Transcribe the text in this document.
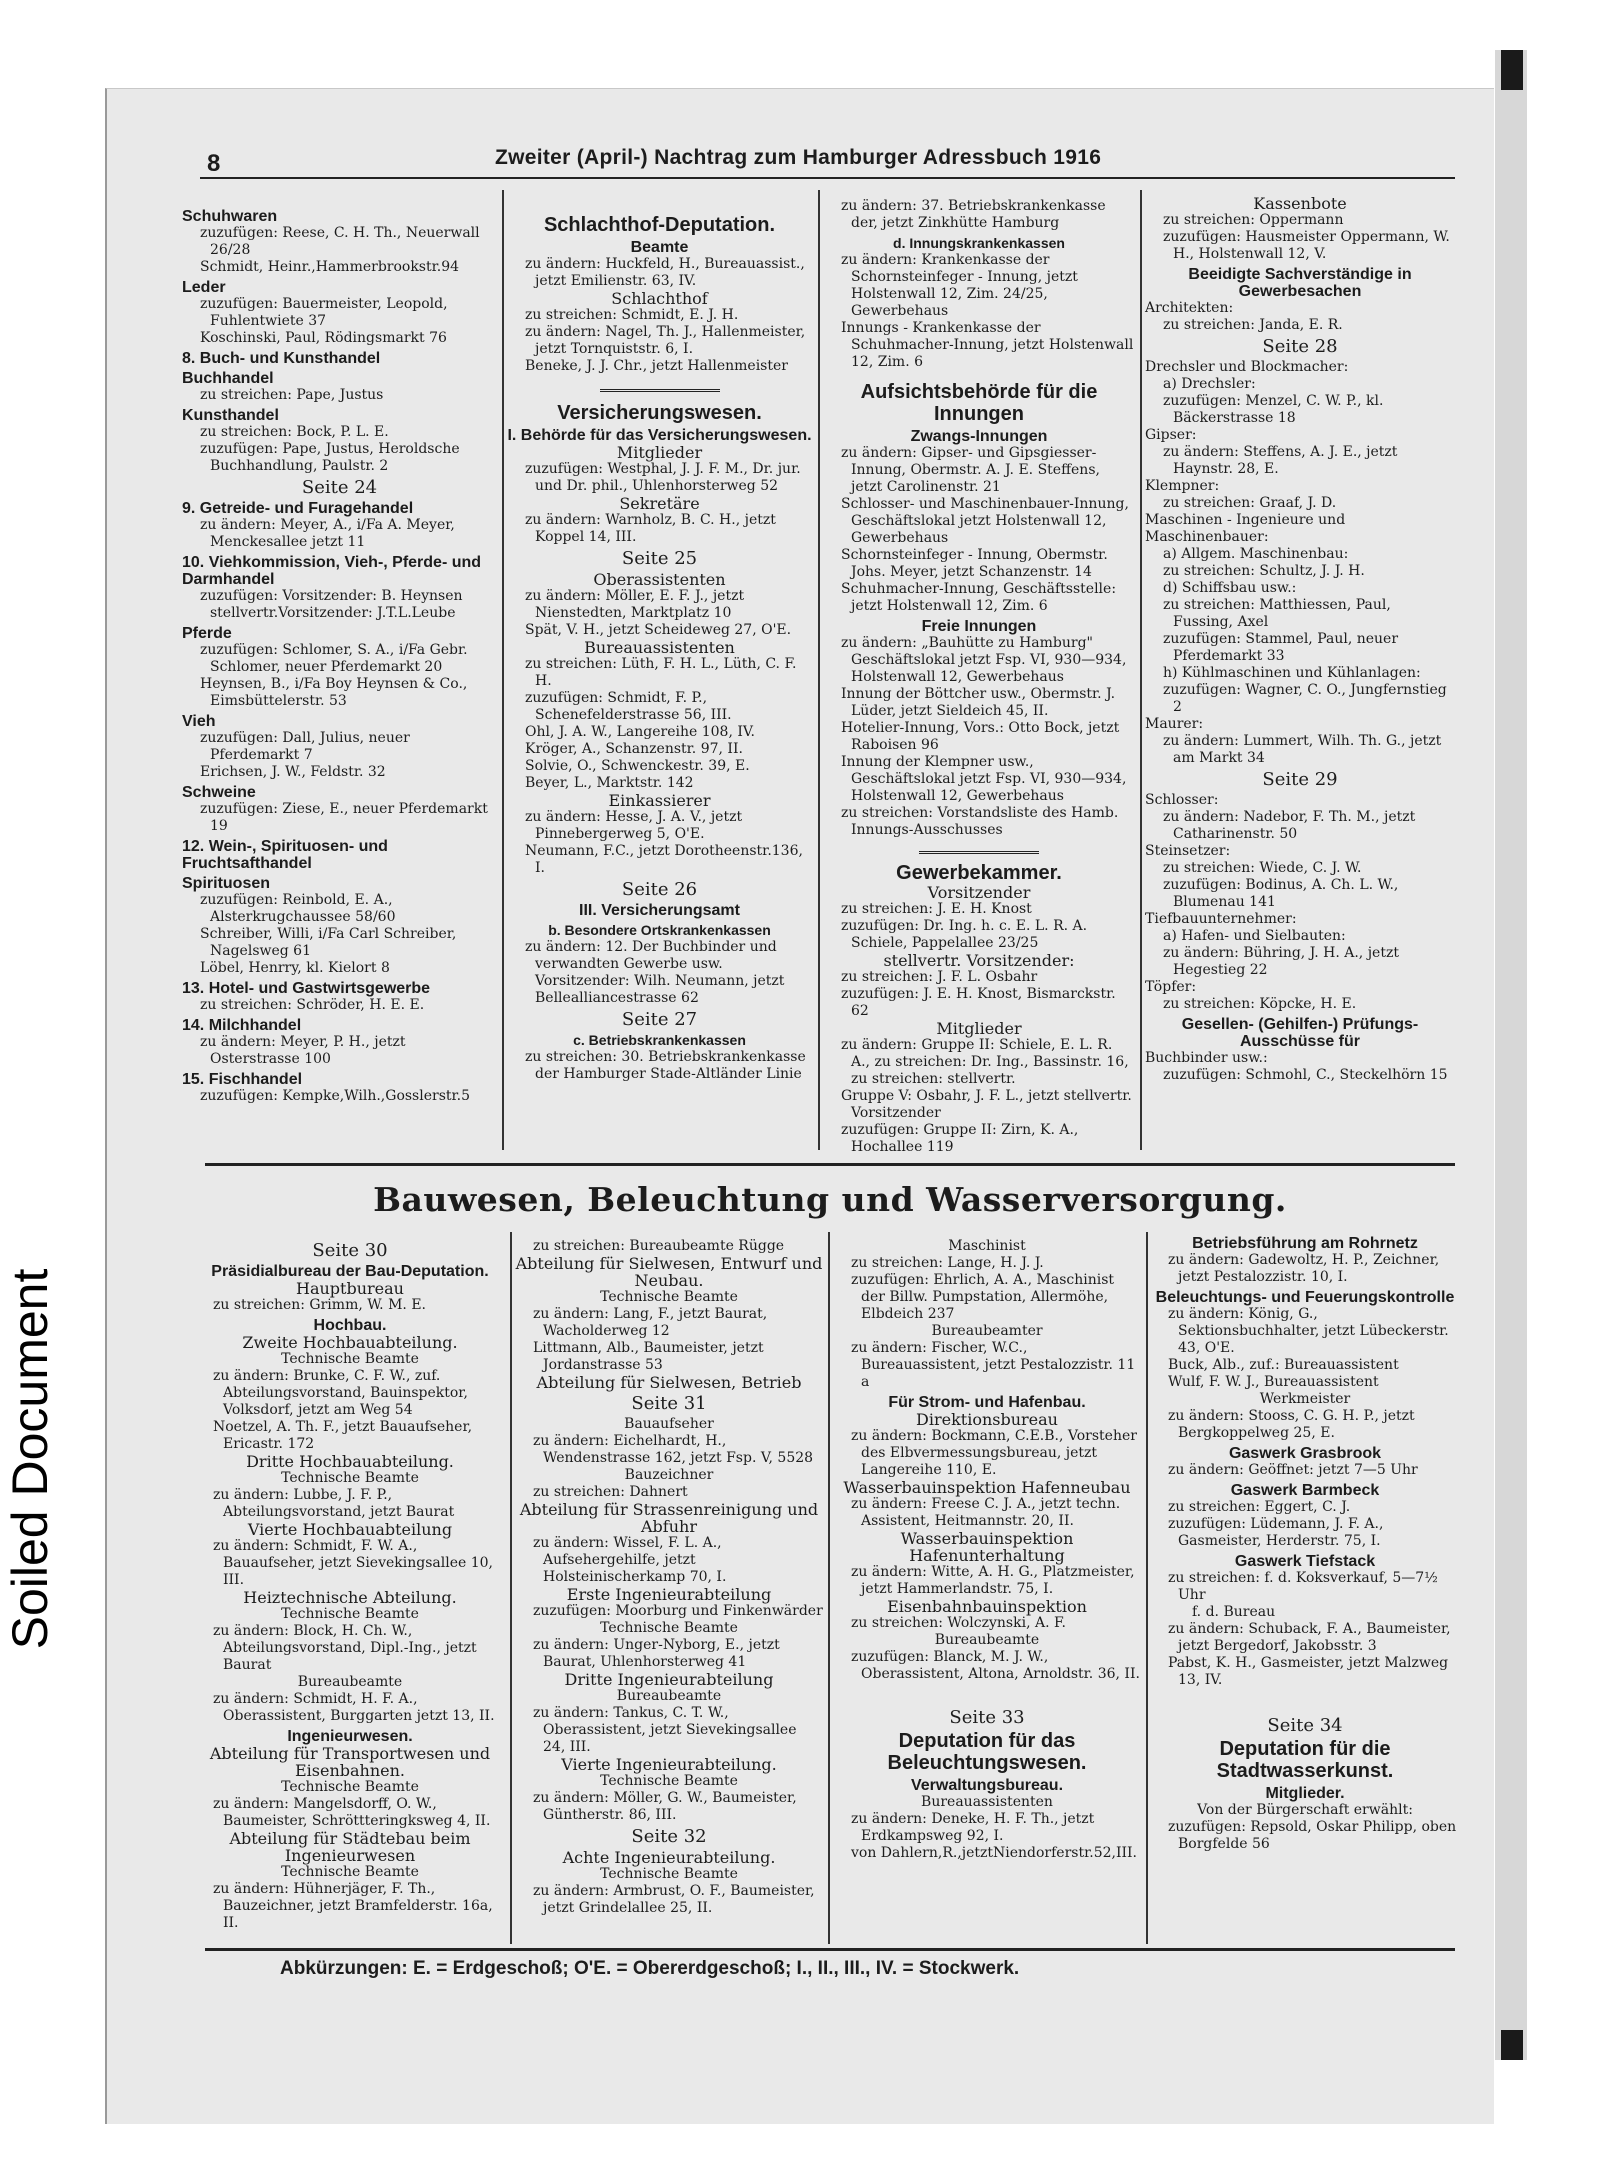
Soiled Document
8	Zweiter (April-) Nachtrag zum Hamburger Adressbuch 1916
Schuhwaren
zuzufügen: Reese, C. H. Th., Neuerwall 26/28
Schmidt, Heinr.,Hammerbrookstr.94
Leder
zuzufügen: Bauermeister, Leopold, Fuhlentwiete 37
Koschinski, Paul, Rödingsmarkt 76
8. Buch- und Kunsthandel
Buchhandel
zu streichen: Pape, Justus
Kunsthandel
zu streichen: Bock, P. L. E.
zuzufügen: Pape, Justus, Heroldsche Buchhandlung, Paulstr. 2
Seite 24
9. Getreide- und Furagehandel
zu ändern: Meyer, A., i/Fa A. Meyer, Menckesallee jetzt 11
10. Viehkommission, Vieh-, Pferde- und Darmhandel
zuzufügen: Vorsitzender: B. Heynsen stellvertr.Vorsitzender: J.T.L.Leube
Pferde
zuzufügen: Schlomer, S. A., i/Fa Gebr. Schlomer, neuer Pferdemarkt 20
Heynsen, B., i/Fa Boy Heynsen & Co., Eimsbüttelerstr. 53
Vieh
zuzufügen: Dall, Julius, neuer Pferdemarkt 7
Erichsen, J. W., Feldstr. 32
Schweine
zuzufügen: Ziese, E., neuer Pferdemarkt 19
12. Wein-, Spirituosen- und Fruchtsafthandel
Spirituosen
zuzufügen: Reinbold, E. A., Alsterkrugchaussee 58/60
Schreiber, Willi, i/Fa Carl Schreiber, Nagelsweg 61
Löbel, Henrry, kl. Kielort 8
13. Hotel- und Gastwirtsgewerbe
zu streichen: Schröder, H. E. E.
14. Milchhandel
zu ändern: Meyer, P. H., jetzt Osterstrasse 100
15. Fischhandel
zuzufügen: Kempke,Wilh.,Gosslerstr.5
Schlachthof-Deputation.
Beamte
zu ändern: Huckfeld, H., Bureauassist., jetzt Emilienstr. 63, IV.
Schlachthof
zu streichen: Schmidt, E. J. H.
zu ändern: Nagel, Th. J., Hallenmeister, jetzt Tornquiststr. 6, I.
Beneke, J. J. Chr., jetzt Hallenmeister
Versicherungswesen.
I. Behörde für das Versicherungswesen.
Mitglieder
zuzufügen: Westphal, J. J. F. M., Dr. jur. und Dr. phil., Uhlenhorsterweg 52
Sekretäre
zu ändern: Warnholz, B. C. H., jetzt Koppel 14, III.
Seite 25
Oberassistenten
zu ändern: Möller, E. F. J., jetzt Nienstedten, Marktplatz 10
Spät, V. H., jetzt Scheideweg 27, O'E.
Bureauassistenten
zu streichen: Lüth, F. H. L., Lüth, C. F. H.
zuzufügen: Schmidt, F. P., Schenefelderstrasse 56, III.
Ohl, J. A. W., Langereihe 108, IV.
Kröger, A., Schanzenstr. 97, II.
Solvie, O., Schwenckestr. 39, E.
Beyer, L., Marktstr. 142
Einkassierer
zu ändern: Hesse, J. A. V., jetzt Pinnebergerweg 5, O'E.
Neumann, F.C., jetzt Dorotheenstr.136, I.
Seite 26
III. Versicherungsamt
b. Besondere Ortskrankenkassen
zu ändern: 12. Der Buchbinder und verwandten Gewerbe usw. Vorsitzender: Wilh. Neumann, jetzt Bellealliancestrasse 62
Seite 27
c. Betriebskrankenkassen
zu streichen: 30. Betriebskrankenkasse der Hamburger Stade-Altländer Linie
zu ändern: 37. Betriebskrankenkasse der, jetzt Zinkhütte Hamburg
d. Innungskrankenkassen
zu ändern: Krankenkasse der Schornsteinfeger - Innung, jetzt Holstenwall 12, Zim. 24/25, Gewerbehaus
Innungs - Krankenkasse der Schuhmacher-Innung, jetzt Holstenwall 12, Zim. 6
Aufsichtsbehörde für die Innungen
Zwangs-Innungen
zu ändern: Gipser- und Gipsgiesser-Innung, Obermstr. A. J. E. Steffens, jetzt Carolinenstr. 21
Schlosser- und Maschinenbauer-Innung, Geschäftslokal jetzt Holstenwall 12, Gewerbehaus
Schornsteinfeger - Innung, Obermstr. Johs. Meyer, jetzt Schanzenstr. 14
Schuhmacher-Innung, Geschäftsstelle: jetzt Holstenwall 12, Zim. 6
Freie Innungen
zu ändern: „Bauhütte zu Hamburg" Geschäftslokal jetzt Fsp. VI, 930—934, Holstenwall 12, Gewerbehaus
Innung der Böttcher usw., Obermstr. J. Lüder, jetzt Sieldeich 45, II.
Hotelier-Innung, Vors.: Otto Bock, jetzt Raboisen 96
Innung der Klempner usw., Geschäftslokal jetzt Fsp. VI, 930—934, Holstenwall 12, Gewerbehaus
zu streichen: Vorstandsliste des Hamb. Innungs-Ausschusses
Gewerbekammer.
Vorsitzender
zu streichen: J. E. H. Knost
zuzufügen: Dr. Ing. h. c. E. L. R. A. Schiele, Pappelallee 23/25
stellvertr. Vorsitzender:
zu streichen: J. F. L. Osbahr
zuzufügen: J. E. H. Knost, Bismarckstr. 62
Mitglieder
zu ändern: Gruppe II: Schiele, E. L. R. A., zu streichen: Dr. Ing., Bassinstr. 16, zu streichen: stellvertr.
Gruppe V: Osbahr, J. F. L., jetzt stellvertr. Vorsitzender
zuzufügen: Gruppe II: Zirn, K. A., Hochallee 119
Kassenbote
zu streichen: Oppermann
zuzufügen: Hausmeister Oppermann, W. H., Holstenwall 12, V.
Beeidigte Sachverständige in Gewerbesachen
Architekten:
zu streichen: Janda, E. R.
Seite 28
Drechsler und Blockmacher:
a) Drechsler:
zuzufügen: Menzel, C. W. P., kl. Bäckerstrasse 18
Gipser:
zu ändern: Steffens, A. J. E., jetzt Haynstr. 28, E.
Klempner:
zu streichen: Graaf, J. D.
Maschinen - Ingenieure und Maschinenbauer:
a) Allgem. Maschinenbau:
zu streichen: Schultz, J. J. H.
d) Schiffsbau usw.:
zu streichen: Matthiessen, Paul, Fussing, Axel
zuzufügen: Stammel, Paul, neuer Pferdemarkt 33
h) Kühlmaschinen und Kühlanlagen:
zuzufügen: Wagner, C. O., Jungfernstieg 2
Maurer:
zu ändern: Lummert, Wilh. Th. G., jetzt am Markt 34
Seite 29
Schlosser:
zu ändern: Nadebor, F. Th. M., jetzt Catharinenstr. 50
Steinsetzer:
zu streichen: Wiede, C. J. W.
zuzufügen: Bodinus, A. Ch. L. W., Blumenau 141
Tiefbauunternehmer:
a) Hafen- und Sielbauten:
zu ändern: Bühring, J. H. A., jetzt Hegestieg 22
Töpfer:
zu streichen: Köpcke, H. E.
Gesellen- (Gehilfen-) Prüfungs-Ausschüsse für
Buchbinder usw.:
zuzufügen: Schmohl, C., Steckelhörn 15
Bauwesen, Beleuchtung und Wasserversorgung.
Seite 30
Präsidialbureau der Bau-Deputation.
Hauptbureau
zu streichen: Grimm, W. M. E.
Hochbau.
Zweite Hochbauabteilung.
Technische Beamte
zu ändern: Brunke, C. F. W., zuf. Abteilungsvorstand, Bauinspektor, Volksdorf, jetzt am Weg 54
Noetzel, A. Th. F., jetzt Bauaufseher, Ericastr. 172
Dritte Hochbauabteilung.
Technische Beamte
zu ändern: Lubbe, J. F. P., Abteilungsvorstand, jetzt Baurat
Vierte Hochbauabteilung
zu ändern: Schmidt, F. W. A., Bauaufseher, jetzt Sievekingsallee 10, III.
Heiztechnische Abteilung.
Technische Beamte
zu ändern: Block, H. Ch. W., Abteilungsvorstand, Dipl.-Ing., jetzt Baurat
Bureaubeamte
zu ändern: Schmidt, H. F. A., Oberassistent, Burggarten jetzt 13, II.
Ingenieurwesen.
Abteilung für Transportwesen und Eisenbahnen.
Technische Beamte
zu ändern: Mangelsdorff, O. W., Baumeister, Schröttteringksweg 4, II.
Abteilung für Städtebau beim Ingenieurwesen
Technische Beamte
zu ändern: Hühnerjäger, F. Th., Bauzeichner, jetzt Bramfelderstr. 16a, II.
zu streichen: Bureaubeamte Rügge
Abteilung für Sielwesen, Entwurf und Neubau.
Technische Beamte
zu ändern: Lang, F., jetzt Baurat, Wacholderweg 12
Littmann, Alb., Baumeister, jetzt Jordanstrasse 53
Abteilung für Sielwesen, Betrieb
Seite 31
Bauaufseher
zu ändern: Eichelhardt, H., Wendenstrasse 162, jetzt Fsp. V, 5528
Bauzeichner
zu streichen: Dahnert
Abteilung für Strassenreinigung und Abfuhr
zu ändern: Wissel, F. L. A., Aufsehergehilfe, jetzt Holsteinischerkamp 70, I.
Erste Ingenieurabteilung
zuzufügen: Moorburg und Finkenwärder
Technische Beamte
zu ändern: Unger-Nyborg, E., jetzt Baurat, Uhlenhorsterweg 41
Dritte Ingenieurabteilung
Bureaubeamte
zu ändern: Tankus, C. T. W., Oberassistent, jetzt Sievekingsallee 24, III.
Vierte Ingenieurabteilung.
Technische Beamte
zu ändern: Möller, G. W., Baumeister, Güntherstr. 86, III.
Seite 32
Achte Ingenieurabteilung.
Technische Beamte
zu ändern: Armbrust, O. F., Baumeister, jetzt Grindelallee 25, II.
Maschinist
zu streichen: Lange, H. J. J.
zuzufügen: Ehrlich, A. A., Maschinist der Billw. Pumpstation, Allermöhe, Elbdeich 237
Bureaubeamter
zu ändern: Fischer, W.C., Bureauassistent, jetzt Pestalozzistr. 11 a
Für Strom- und Hafenbau.
Direktionsbureau
zu ändern: Bockmann, C.E.B., Vorsteher des Elbvermessungsbureau, jetzt Langereihe 110, E.
Wasserbauinspektion Hafenneubau
zu ändern: Freese C. J. A., jetzt techn. Assistent, Heitmannstr. 20, II.
Wasserbauinspektion Hafenunterhaltung
zu ändern: Witte, A. H. G., Platzmeister, jetzt Hammerlandstr. 75, I.
Eisenbahnbauinspektion
zu streichen: Wolczynski, A. F.
Bureaubeamte
zuzufügen: Blanck, M. J. W., Oberassistent, Altona, Arnoldstr. 36, II.
Seite 33
Deputation für das Beleuchtungswesen.
Verwaltungsbureau.
Bureauassistenten
zu ändern: Deneke, H. F. Th., jetzt Erdkampsweg 92, I.
von Dahlern,R.,jetztNiendorferstr.52,III.
Betriebsführung am Rohrnetz
zu ändern: Gadewoltz, H. P., Zeichner, jetzt Pestalozzistr. 10, I.
Beleuchtungs- und Feuerungskontrolle
zu ändern: König, G., Sektionsbuchhalter, jetzt Lübeckerstr. 43, O'E.
Buck, Alb., zuf.: Bureauassistent
Wulf, F. W. J., Bureauassistent
Werkmeister
zu ändern: Stooss, C. G. H. P., jetzt Bergkoppelweg 25, E.
Gaswerk Grasbrook
zu ändern: Geöffnet: jetzt 7—5 Uhr
Gaswerk Barmbeck
zu streichen: Eggert, C. J.
zuzufügen: Lüdemann, J. F. A., Gasmeister, Herderstr. 75, I.
Gaswerk Tiefstack
zu streichen: f. d. Koksverkauf, 5—7½ Uhr
f. d. Bureau
zu ändern: Schuback, F. A., Baumeister, jetzt Bergedorf, Jakobsstr. 3
Pabst, K. H., Gasmeister, jetzt Malzweg 13, IV.
Seite 34
Deputation für die Stadtwasserkunst.
Mitglieder.
Von der Bürgerschaft erwählt:
zuzufügen: Repsold, Oskar Philipp, oben Borgfelde 56
Abkürzungen: E. = Erdgeschoß; O'E. = Obererdgeschoß; I., II., III., IV. = Stockwerk.
